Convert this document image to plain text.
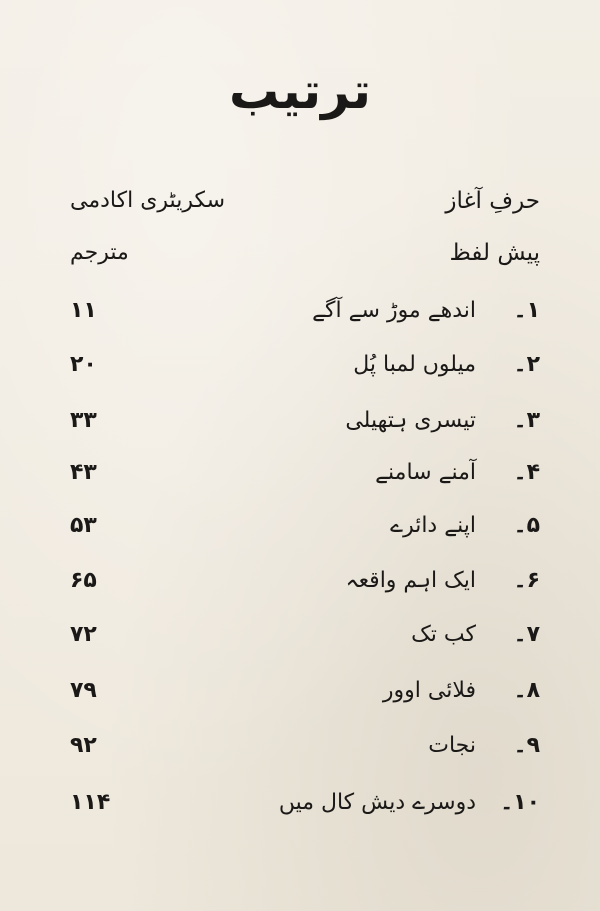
ترتیب
حرفِ آغاز
سکریٹری اکادمی
پیش لفظ
مترجم
۱۔
اندھے موڑ سے آگے
۱۱
۲۔
میلوں لمبا پُل
۲۰
۳۔
تیسری ہتھیلی
۳۳
۴۔
آمنے سامنے
۴۳
۵۔
اپنے دائرے
۵۳
۶۔
ایک اہم واقعہ
۶۵
۷۔
کب تک
۷۲
۸۔
فلائی اوور
۷۹
۹۔
نجات
۹۲
۱۰۔
دوسرے دیش کال میں
۱۱۴
